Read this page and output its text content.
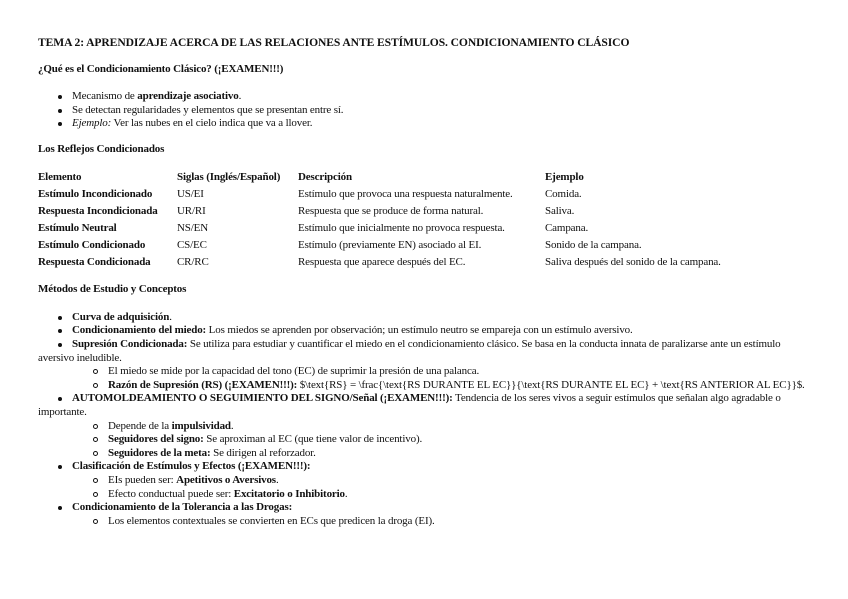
TEMA 2: APRENDIZAJE ACERCA DE LAS RELACIONES ANTE ESTÍMULOS. CONDICIONAMIENTO CLÁSICO
¿Qué es el Condicionamiento Clásico? (¡EXAMEN!!!)
Mecanismo de aprendizaje asociativo.
Se detectan regularidades y elementos que se presentan entre sí.
Ejemplo: Ver las nubes en el cielo indica que va a llover.
Los Reflejos Condicionados
Elemento	Siglas (Inglés/Español)	Descripción	Ejemplo
Estímulo Incondicionado	US/EI	Estímulo que provoca una respuesta naturalmente.	Comida.
Respuesta Incondicionada	UR/RI	Respuesta que se produce de forma natural.	Saliva.
Estímulo Neutral	NS/EN	Estímulo que inicialmente no provoca respuesta.	Campana.
Estímulo Condicionado	CS/EC	Estímulo (previamente EN) asociado al EI.	Sonido de la campana.
Respuesta Condicionada	CR/RC	Respuesta que aparece después del EC.	Saliva después del sonido de la campana.
Métodos de Estudio y Conceptos
Curva de adquisición.
Condicionamiento del miedo: Los miedos se aprenden por observación; un estímulo neutro se empareja con un estímulo aversivo.
Supresión Condicionada: Se utiliza para estudiar y cuantificar el miedo en el condicionamiento clásico. Se basa en la conducta innata de paralizarse ante un estímulo aversivo ineludible.
El miedo se mide por la capacidad del tono (EC) de suprimir la presión de una palanca.
Razón de Supresión (RS) (¡EXAMEN!!!): $\text{RS} = \frac{\text{RS DURANTE EL EC}}{\text{RS DURANTE EL EC} + \text{RS ANTERIOR AL EC}}$.
AUTOMOLDEAMIENTO O SEGUIMIENTO DEL SIGNO/Señal (¡EXAMEN!!!): Tendencia de los seres vivos a seguir estímulos que señalan algo agradable o importante.
Depende de la impulsividad.
Seguidores del signo: Se aproximan al EC (que tiene valor de incentivo).
Seguidores de la meta: Se dirigen al reforzador.
Clasificación de Estímulos y Efectos (¡EXAMEN!!!):
EIs pueden ser: Apetitivos o Aversivos.
Efecto conductual puede ser: Excitatorio o Inhibitorio.
Condicionamiento de la Tolerancia a las Drogas:
Los elementos contextuales se convierten en ECs que predicen la droga (EI).
